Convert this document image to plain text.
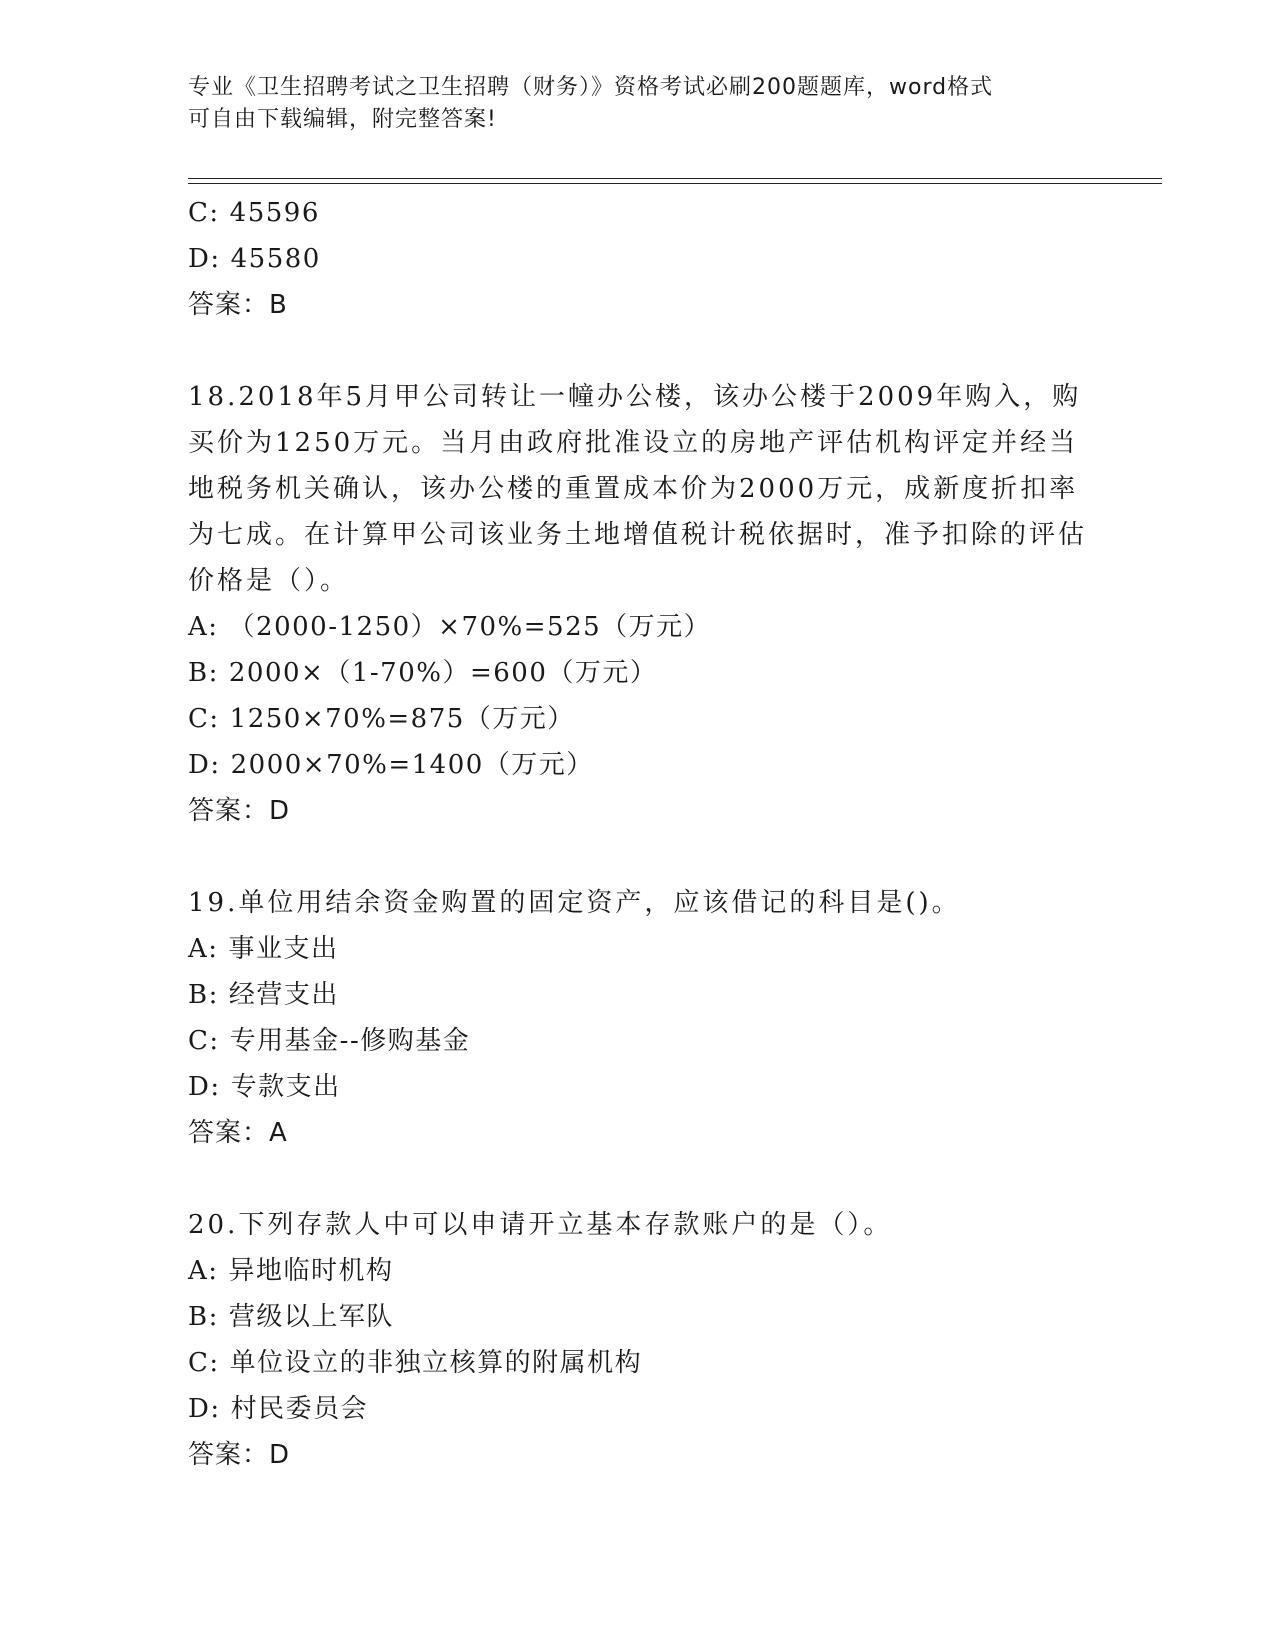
专业《卫生招聘考试之卫生招聘（财务）》资格考试必刷200题题库，word格式
可自由下载编辑，附完整答案!
C: 45596
D: 45580
答案：B
18.2018年5月甲公司转让一幢办公楼，该办公楼于2009年购入，购买价为1250万元。当月由政府批准设立的房地产评估机构评定并经当地税务机关确认，该办公楼的重置成本价为2000万元，成新度折扣率为七成。在计算甲公司该业务土地增值税计税依据时，准予扣除的评估价格是（）。
A: （2000-1250）×70%=525（万元）
B: 2000×（1-70%）=600（万元）
C: 1250×70%=875（万元）
D: 2000×70%=1400（万元）
答案：D
19.单位用结余资金购置的固定资产，应该借记的科目是()。
A: 事业支出
B: 经营支出
C: 专用基金--修购基金
D: 专款支出
答案：A
20.下列存款人中可以申请开立基本存款账户的是（）。
A: 异地临时机构
B: 营级以上军队
C: 单位设立的非独立核算的附属机构
D: 村民委员会
答案：D
